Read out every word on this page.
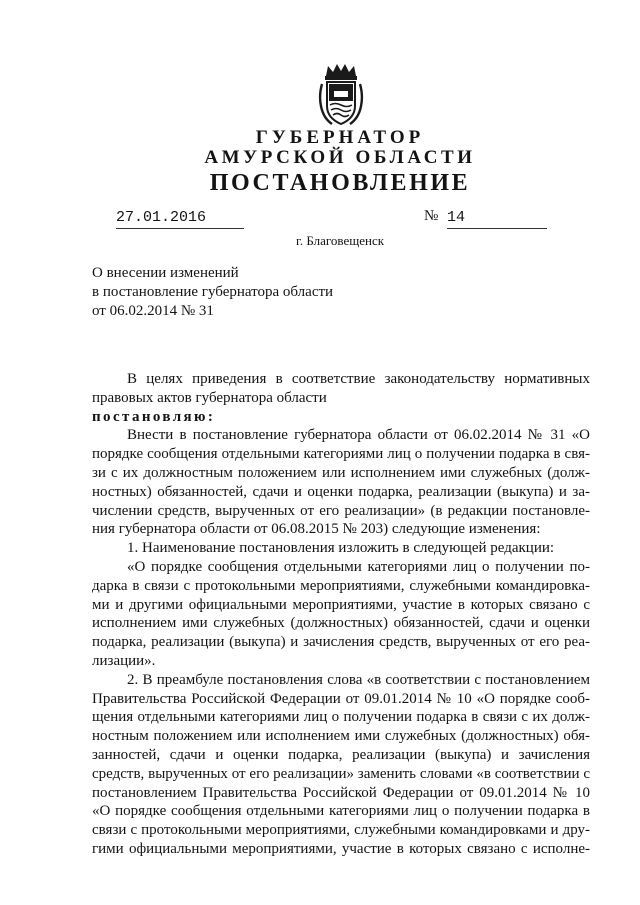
ГУБЕРНАТОР
АМУРСКОЙ ОБЛАСТИ
ПОСТАНОВЛЕНИЕ
27.01.2016	№ 14
г. Благовещенск
О внесении изменений
в постановление губернатора области
от 06.02.2014 № 31
В целях приведения в соответствие законодательству нормативных
правовых актов губернатора области
постановляю:
Внести в постановление губернатора области от 06.02.2014 № 31 «О
порядке сообщения отдельными категориями лиц о получении подарка в свя-
зи с их должностным положением или исполнением ими служебных (долж-
ностных) обязанностей, сдачи и оценки подарка, реализации (выкупа) и за-
числении средств, вырученных от его реализации» (в редакции постановле-
ния губернатора области от 06.08.2015 № 203) следующие изменения:
1. Наименование постановления изложить в следующей редакции:
«О порядке сообщения отдельными категориями лиц о получении по-
дарка в связи с протокольными мероприятиями, служебными командировка-
ми и другими официальными мероприятиями, участие в которых связано с
исполнением ими служебных (должностных) обязанностей, сдачи и оценки
подарка, реализации (выкупа) и зачисления средств, вырученных от его реа-
лизации».
2. В преамбуле постановления слова «в соответствии с постановлением
Правительства Российской Федерации от 09.01.2014 № 10 «О порядке сооб-
щения отдельными категориями лиц о получении подарка в связи с их долж-
ностным положением или исполнением ими служебных (должностных) обя-
занностей, сдачи и оценки подарка, реализации (выкупа) и зачисления
средств, вырученных от его реализации» заменить словами «в соответствии с
постановлением Правительства Российской Федерации от 09.01.2014 № 10
«О порядке сообщения отдельными категориями лиц о получении подарка в
связи с протокольными мероприятиями, служебными командировками и дру-
гими официальными мероприятиями, участие в которых связано с исполне-
